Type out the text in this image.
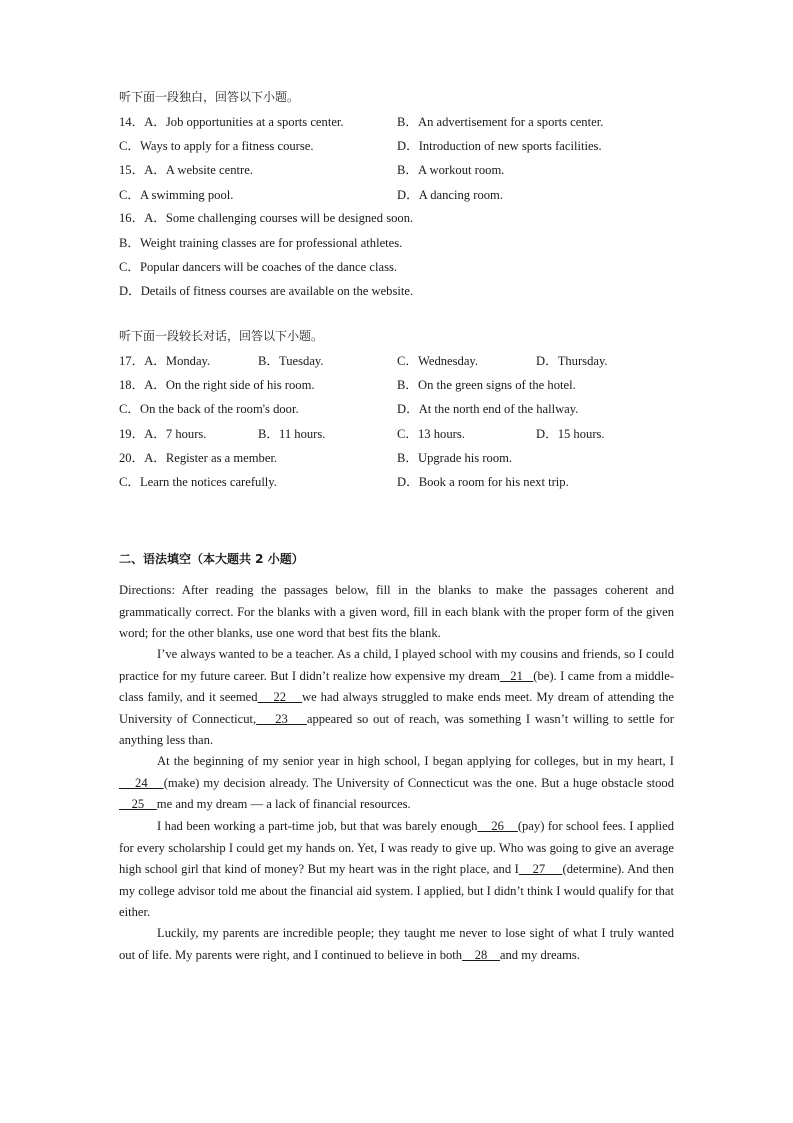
听下面一段独白，回答以下小题。
14．A．Job opportunities at a sports center.	B．An advertisement for a sports center.
C．Ways to apply for a fitness course.	D．Introduction of new sports facilities.
15．A．A website centre.	B．A workout room.
C．A swimming pool.	D．A dancing room.
16．A．Some challenging courses will be designed soon.
B．Weight training classes are for professional athletes.
C．Popular dancers will be coaches of the dance class.
D．Details of fitness courses are available on the website.
听下面一段较长对话，回答以下小题。
17．A．Monday.	B．Tuesday.	C．Wednesday.	D．Thursday.
18．A．On the right side of his room.	B．On the green signs of the hotel.
C．On the back of the room's door.	D．At the north end of the hallway.
19．A．7 hours.	B．11 hours.	C．13 hours.	D．15 hours.
20．A．Register as a member.	B．Upgrade his room.
C．Learn the notices carefully.	D．Book a room for his next trip.
二、语法填空（本大题共 2 小题）
Directions: After reading the passages below, fill in the blanks to make the passages coherent and grammatically correct. For the blanks with a given word, fill in each blank with the proper form of the given word; for the other blanks, use one word that best fits the blank.
I’ve always wanted to be a teacher. As a child, I played school with my cousins and friends, so I could practice for my future career. But I didn’t realize how expensive my dream   21   (be). I came from a middle-class family, and it seemed    22    we had always struggled to make ends meet. My dream of attending the University of Connecticut,    23    appeared so out of reach, was something I wasn’t willing to settle for anything less than.
At the beginning of my senior year in high school, I began applying for colleges, but in my heart, I    24    (make) my decision already. The University of Connecticut was the one. But a huge obstacle stood    25    me and my dream — a lack of financial resources.
I had been working a part-time job, but that was barely enough    26    (pay) for school fees. I applied for every scholarship I could get my hands on. Yet, I was ready to give up. Who was going to give an average high school girl that kind of money? But my heart was in the right place, and I    27     (determine). And then my college advisor told me about the financial aid system. I applied, but I didn’t think I would qualify for that either.
Luckily, my parents are incredible people; they taught me never to lose sight of what I truly wanted out of life. My parents were right, and I continued to believe in both    28    and my dreams.
